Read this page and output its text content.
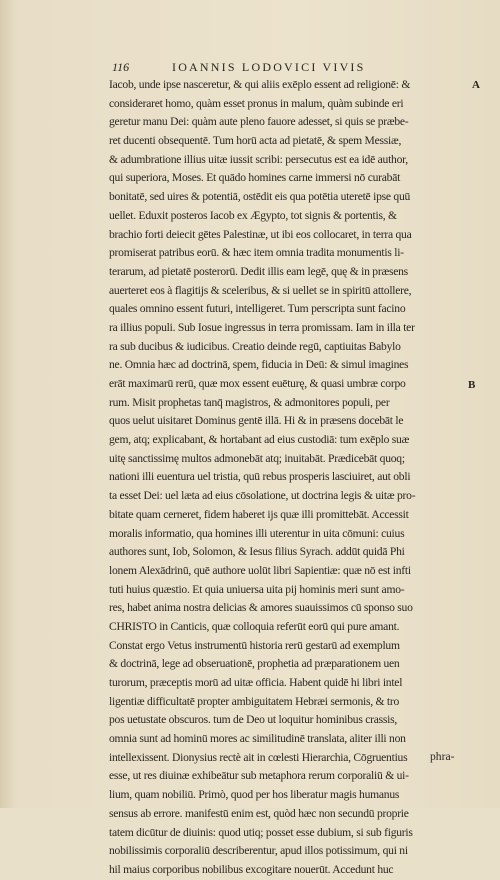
116	IOANNIS LODOVICI VIVIS
A
B
Iacob, unde ipse nasceretur, & qui aliis exēplo essent ad religionē: &
consideraret homo, quàm esset pronus in malum, quàm subinde eri
geretur manu Dei: quàm aute pleno fauore adesset, si quis se præbe-
ret ducenti obsequentē. Tum horū acta ad pietatē, & spem Messiæ,
& adumbratione illius uitæ iussit scribi: persecutus est ea idē author,
qui superiora, Moses. Et quādo homines carne immersi nō curabāt
bonitatē, sed uires & potentiā, ostēdit eis qua potētia uteretē ipse quū
uellet. Eduxit posteros Iacob ex Ægypto, tot signis & portentis, &
brachio forti deiecit gētes Palestinæ, ut ibi eos collocaret, in terra qua
promiserat patribus eorū. & hæc item omnia tradita monumentis li-
terarum, ad pietatē posterorū. Dedit illis eam legē, quę & in præsens
auerteret eos à flagitijs & sceleribus, & si uellet se in spiritū attollere,
quales omnino essent futuri, intelligeret. Tum perscripta sunt facino
ra illius populi. Sub Iosue ingressus in terra promissam. Iam in illa ter
ra sub ducibus & iudicibus. Creatio deinde regū, captiuitas Babylo
ne. Omnia hæc ad doctrinā, spem, fiducia in Deū: & simul imagines
erāt maximarū rerū, quæ mox essent euēturę, & quasi umbræ corpo
rum. Misit prophetas tanq̄ magistros, & admonitores populi, per
quos uelut uisitaret Dominus gentē illā. Hi & in præsens docebāt le
gem, atq; explicabant, & hortabant ad eius custodiā: tum exēplo suæ
uitę sanctissimę multos admonebāt atq; inuitabāt. Prædicebāt quoq;
nationi illi euentura uel tristia, quū rebus prosperis lasciuiret, aut obli
ta esset Dei: uel læta ad eius cōsolatione, ut doctrina legis & uitæ pro-
bitate quam cerneret, fidem haberet ijs quæ illi promittebāt. Accessit
moralis informatio, qua homines illi uterentur in uita cōmuni: cuius
authores sunt, Iob, Solomon, & Iesus filius Syrach. addūt quidā Phi
lonem Alexādrinū, quē authore uolūt libri Sapientiæ: quæ nō est infti
tuti huius quæstio. Et quia uniuersa uita pij hominis meri sunt amo-
res, habet anima nostra delicias & amores suauissimos cū sponso suo
CHRISTO in Canticis, quæ colloquia referūt eorū qui pure amant.
Constat ergo Vetus instrumentū historia rerū gestarū ad exemplum
& doctrinā, lege ad obseruationē, prophetia ad præparationem uen
turorum, præceptis morū ad uitæ officia. Habent quidē hi libri intel
ligentiæ difficultatē propter ambiguitatem Hebræi sermonis, & tro
pos uetustate obscuros. tum de Deo ut loquitur hominibus crassis,
omnia sunt ad hominū mores ac similitudinē translata, aliter illi non
intellexissent. Dionysius rectè ait in cœlesti Hierarchia, Cōgruentius
esse, ut res diuinæ exhibeātur sub metaphora rerum corporaliū & ui-
lium, quam nobiliū. Primò, quod per hos liberatur magis humanus
sensus ab errore. manifestū enim est, quòd hæc non secundū proprie
tatem dicūtur de diuinis: quod utiq; posset esse dubium, si sub figuris
nobilissimis corporaliū describerentur, apud illos potissimum, qui ni
hil maius corporibus nobilibus excogitare nouerūt. Accedunt huc
phra-
